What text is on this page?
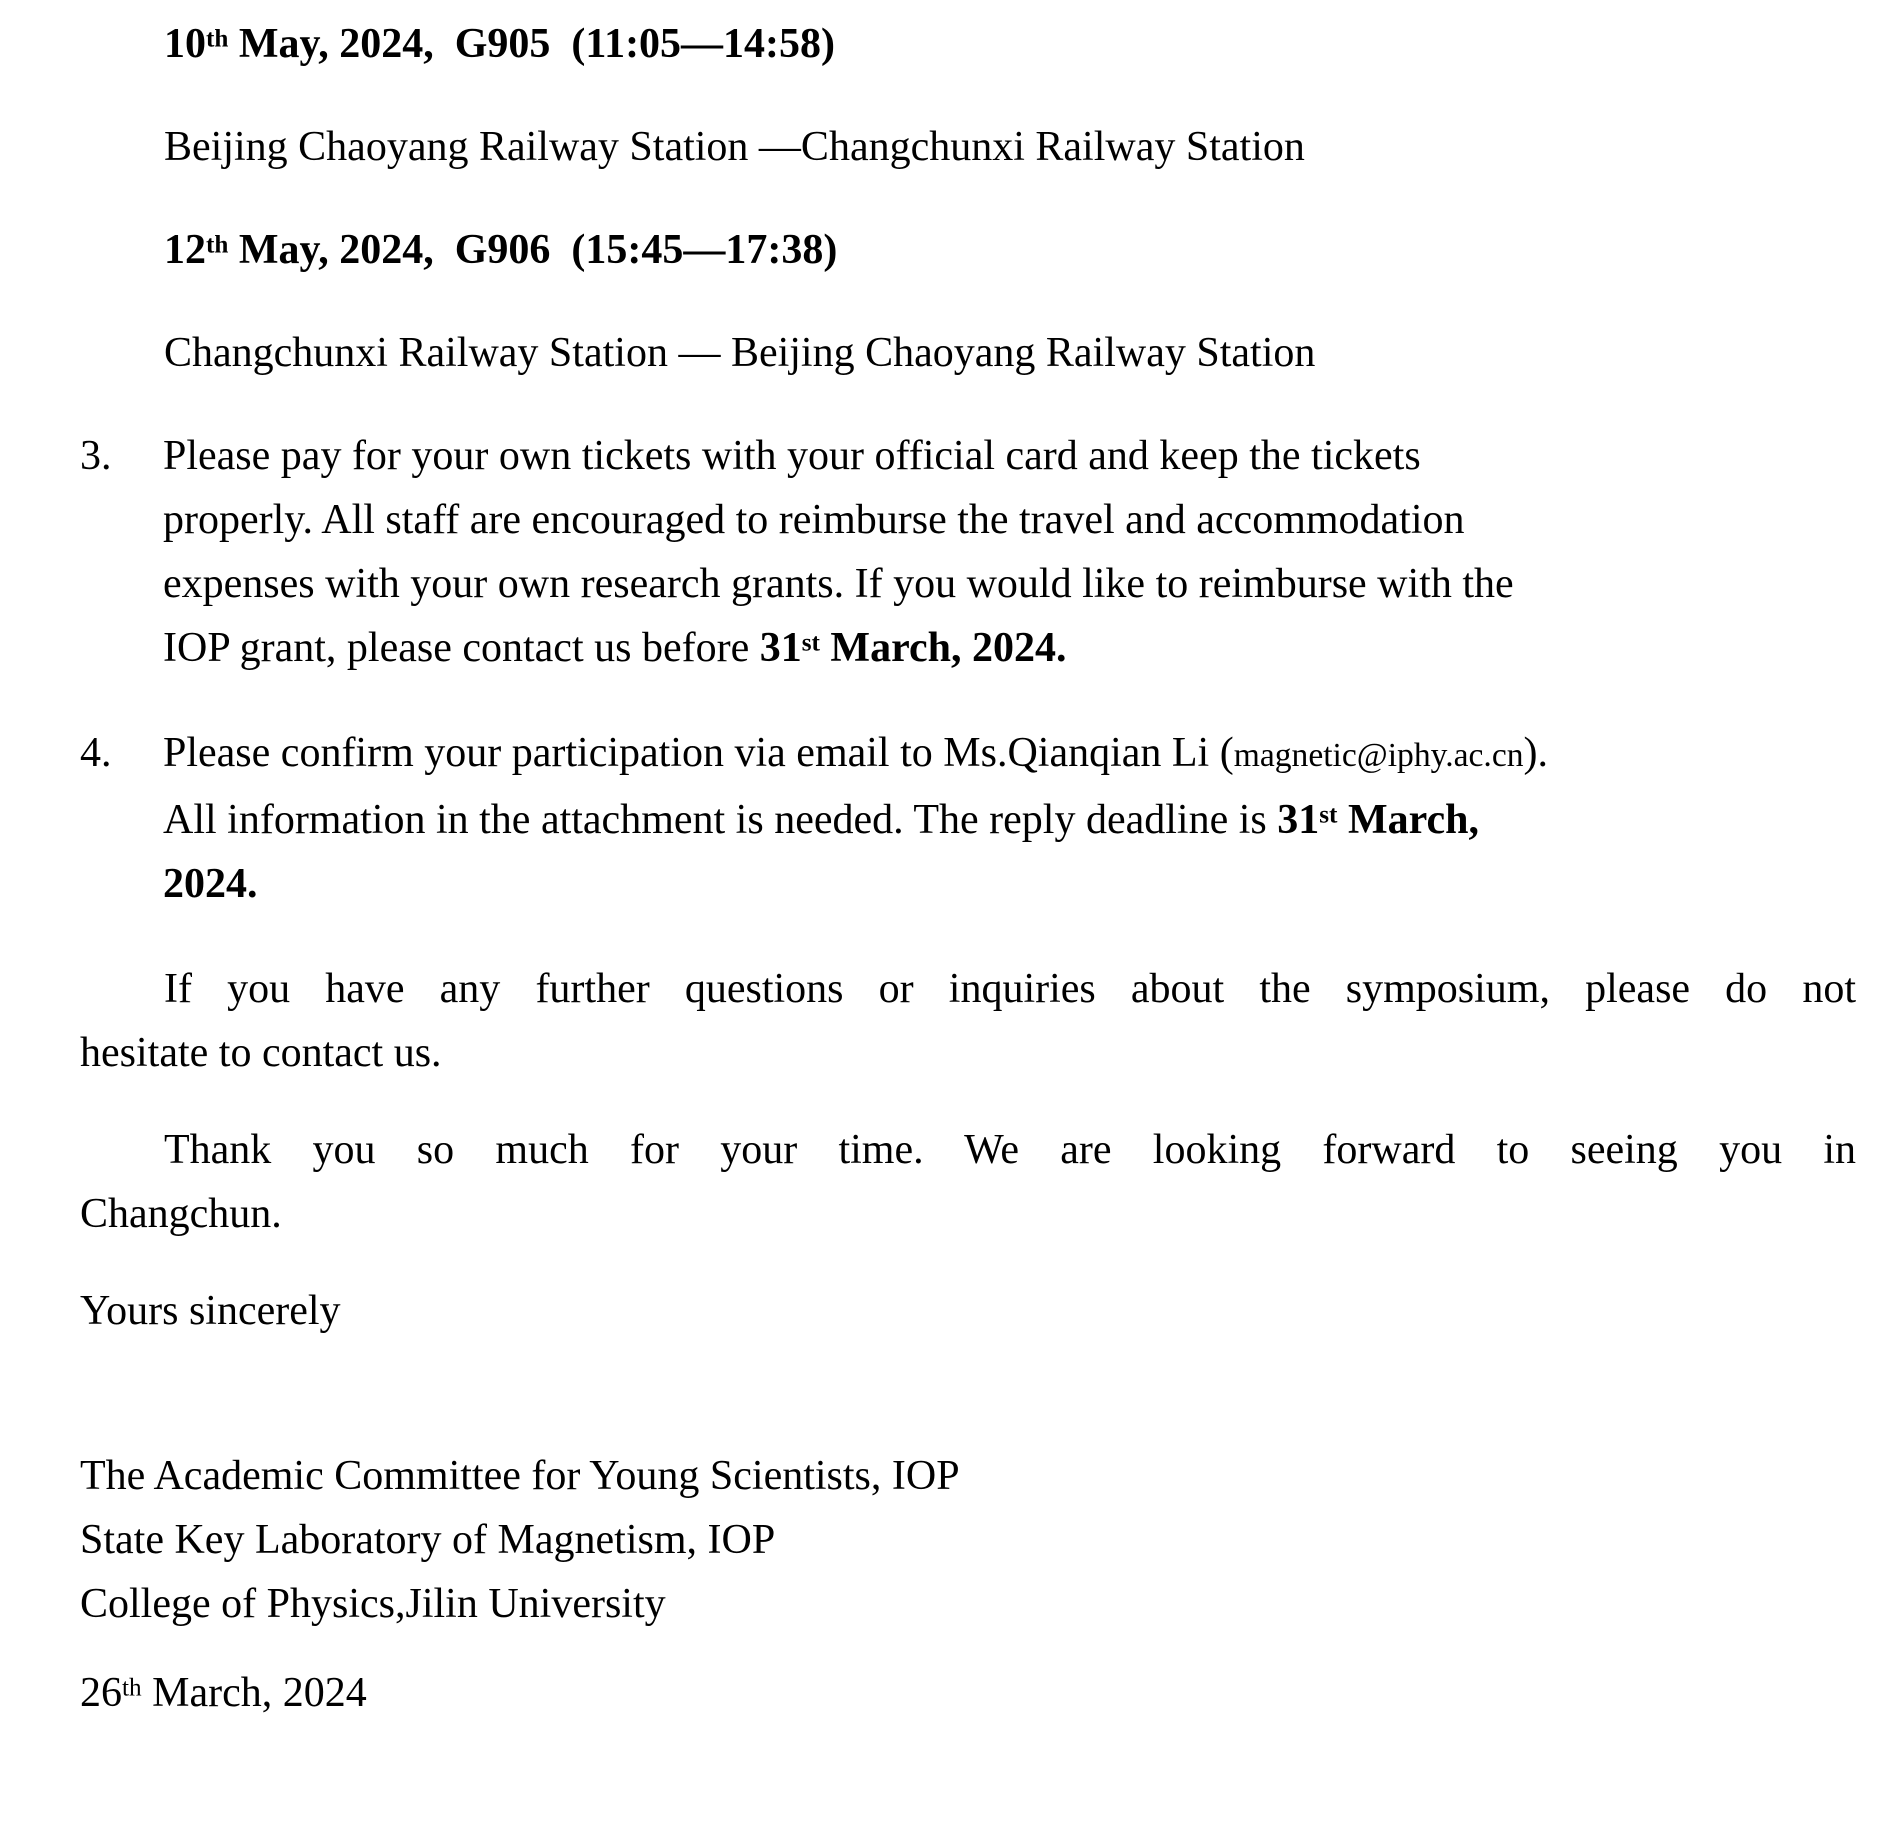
10th May, 2024,  G905  (11:05—14:58)
Beijing Chaoyang Railway Station —Changchunxi Railway Station
12th May, 2024,  G906  (15:45—17:38)
Changchunxi Railway Station — Beijing Chaoyang Railway Station
3.	Please pay for your own tickets with your official card and keep the tickets
properly. All staff are encouraged to reimburse the travel and accommodation
expenses with your own research grants. If you would like to reimburse with the
IOP grant, please contact us before 31st March, 2024.
4.	Please confirm your participation via email to Ms.Qianqian Li (magnetic@iphy.ac.cn).
All information in the attachment is needed. The reply deadline is 31st March,
2024.
If you have any further questions or inquiries about the symposium, please do not
hesitate to contact us.
Thank you so much for your time. We are looking forward to seeing you in
Changchun.
Yours sincerely
The Academic Committee for Young Scientists, IOP
State Key Laboratory of Magnetism, IOP
College of Physics,Jilin University
26th March, 2024
